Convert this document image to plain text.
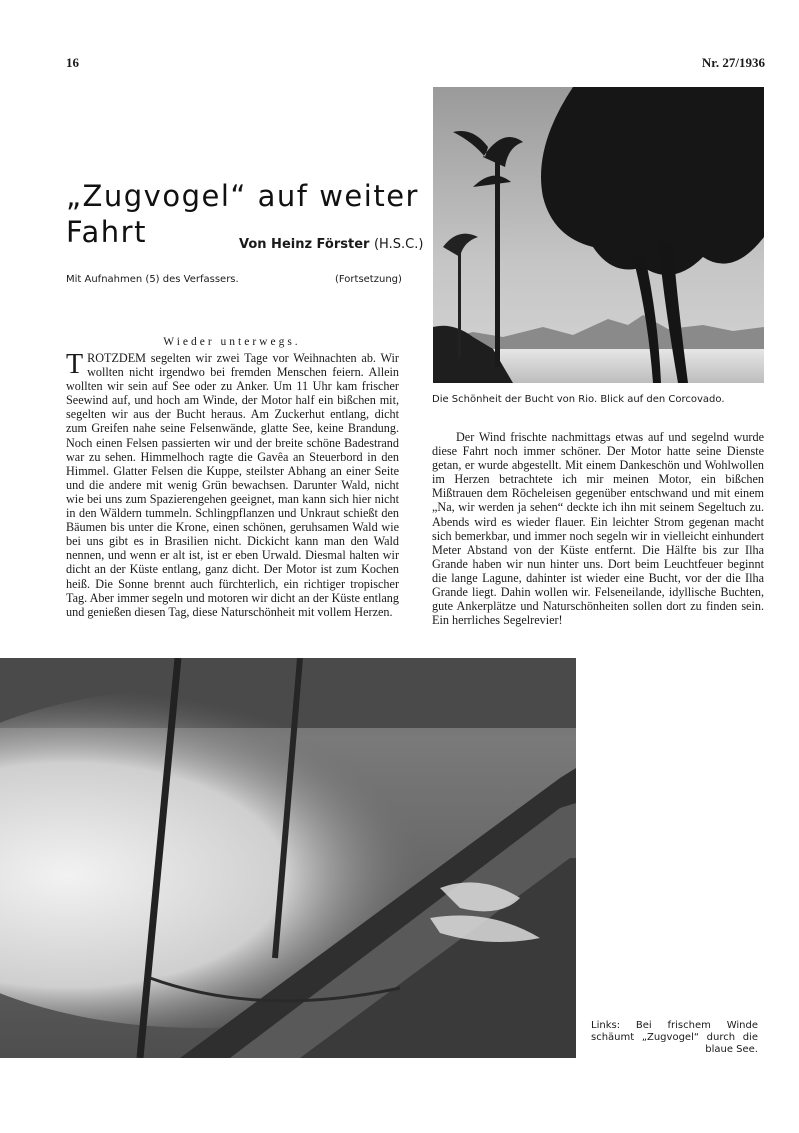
16	Nr. 27/1936
„Zugvogel“ auf weiter
Fahrt	Von Heinz Förster (H.S.C.)
Mit Aufnahmen (5) des Verfassers.	(Fortsetzung)
Wieder unterwegs.

TROTZDEM segelten wir zwei Tage vor Weihnachten ab. Wir wollten nicht irgendwo bei fremden Menschen feiern. Allein wollten wir sein auf See oder zu Anker. Um 11 Uhr kam frischer Seewind auf, und hoch am Winde, der Motor half ein bißchen mit, segelten wir aus der Bucht heraus. Am Zuckerhut entlang, dicht zum Greifen nahe seine Felsenwände, glatte See, keine Brandung. Noch einen Felsen passierten wir und der breite schöne Badestrand war zu sehen. Himmelhoch ragte die Gavêa an Steuerbord in den Himmel. Glatter Felsen die Kuppe, steilster Abhang an einer Seite und die andere mit wenig Grün bewachsen. Darunter Wald, nicht wie bei uns zum Spazierengehen geeignet, man kann sich hier nicht in den Wäldern tummeln. Schlingpflanzen und Unkraut schießt den Bäumen bis unter die Krone, einen schönen, geruhsamen Wald wie bei uns gibt es in Brasilien nicht. Dickicht kann man den Wald nennen, und wenn er alt ist, ist er eben Urwald. Diesmal halten wir dicht an der Küste entlang, ganz dicht. Der Motor ist zum Kochen heiß. Die Sonne brennt auch fürchterlich, ein richtiger tropischer Tag. Aber immer segeln und motoren wir dicht an der Küste entlang und genießen diesen Tag, diese Naturschönheit mit vollem Herzen.

Die Schönheit der Bucht von Rio. Blick auf den Corcovado.

Der Wind frischte nachmittags etwas auf und segelnd wurde diese Fahrt noch immer schöner. Der Motor hatte seine Dienste getan, er wurde abgestellt. Mit einem Dankeschön und Wohlwollen im Herzen betrachtete ich mir meinen Motor, ein bißchen Mißtrauen dem Röcheleisen gegenüber entschwand und mit einem „Na, wir werden ja sehen“ deckte ich ihn mit seinem Segeltuch zu. Abends wird es wieder flauer. Ein leichter Strom gegenan macht sich bemerkbar, und immer noch segeln wir in vielleicht einhundert Meter Abstand von der Küste entfernt. Die Hälfte bis zur Ilha Grande haben wir nun hinter uns. Dort beim Leuchtfeuer beginnt die lange Lagune, dahinter ist wieder eine Bucht, vor der die Ilha Grande liegt. Dahin wollen wir. Felseneilande, idyllische Buchten, gute Ankerplätze und Naturschönheiten sollen dort zu finden sein. Ein herrliches Segelrevier!

Links: Bei frischem Winde schäumt „Zugvogel“ durch die blaue See.
